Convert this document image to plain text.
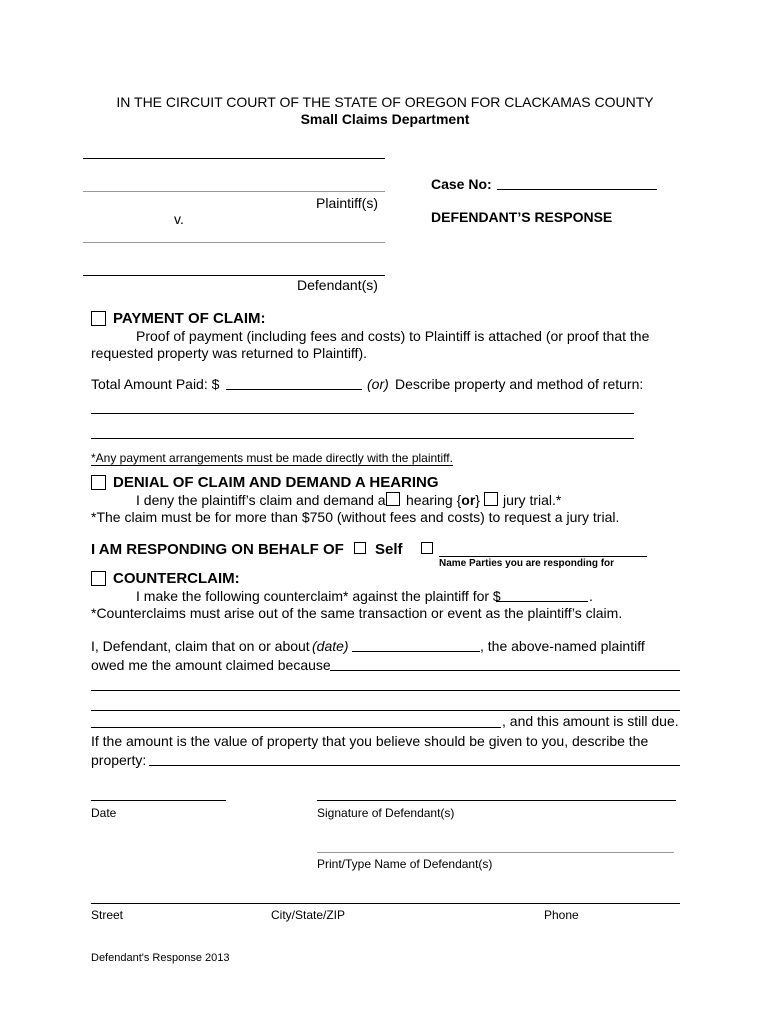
IN THE CIRCUIT COURT OF THE STATE OF OREGON FOR CLACKAMAS COUNTY
Small Claims Department
Plaintiff(s)
v.
Defendant(s)
Case No:
DEFENDANT’S RESPONSE
PAYMENT OF CLAIM:
Proof of payment (including fees and costs) to Plaintiff is attached (or proof that the
requested property was returned to Plaintiff).
Total Amount Paid: $	(or) Describe property and method of return:
*Any payment arrangements must be made directly with the plaintiff.
DENIAL OF CLAIM AND DEMAND A HEARING
I deny the plaintiff’s claim and demand a hearing {or} jury trial.*
*The claim must be for more than $750 (without fees and costs) to request a jury trial.
I AM RESPONDING ON BEHALF OF Self
Name Parties you are responding for
COUNTERCLAIM:
I make the following counterclaim* against the plaintiff for $	.
*Counterclaims must arise out of the same transaction or event as the plaintiff’s claim.
I, Defendant, claim that on or about (date)	, the above-named plaintiff
owed me the amount claimed because
, and this amount is still due.
If the amount is the value of property that you believe should be given to you, describe the
property:
Date	Signature of Defendant(s)
Print/Type Name of Defendant(s)
Street	City/State/ZIP	Phone
Defendant's Response 2013
